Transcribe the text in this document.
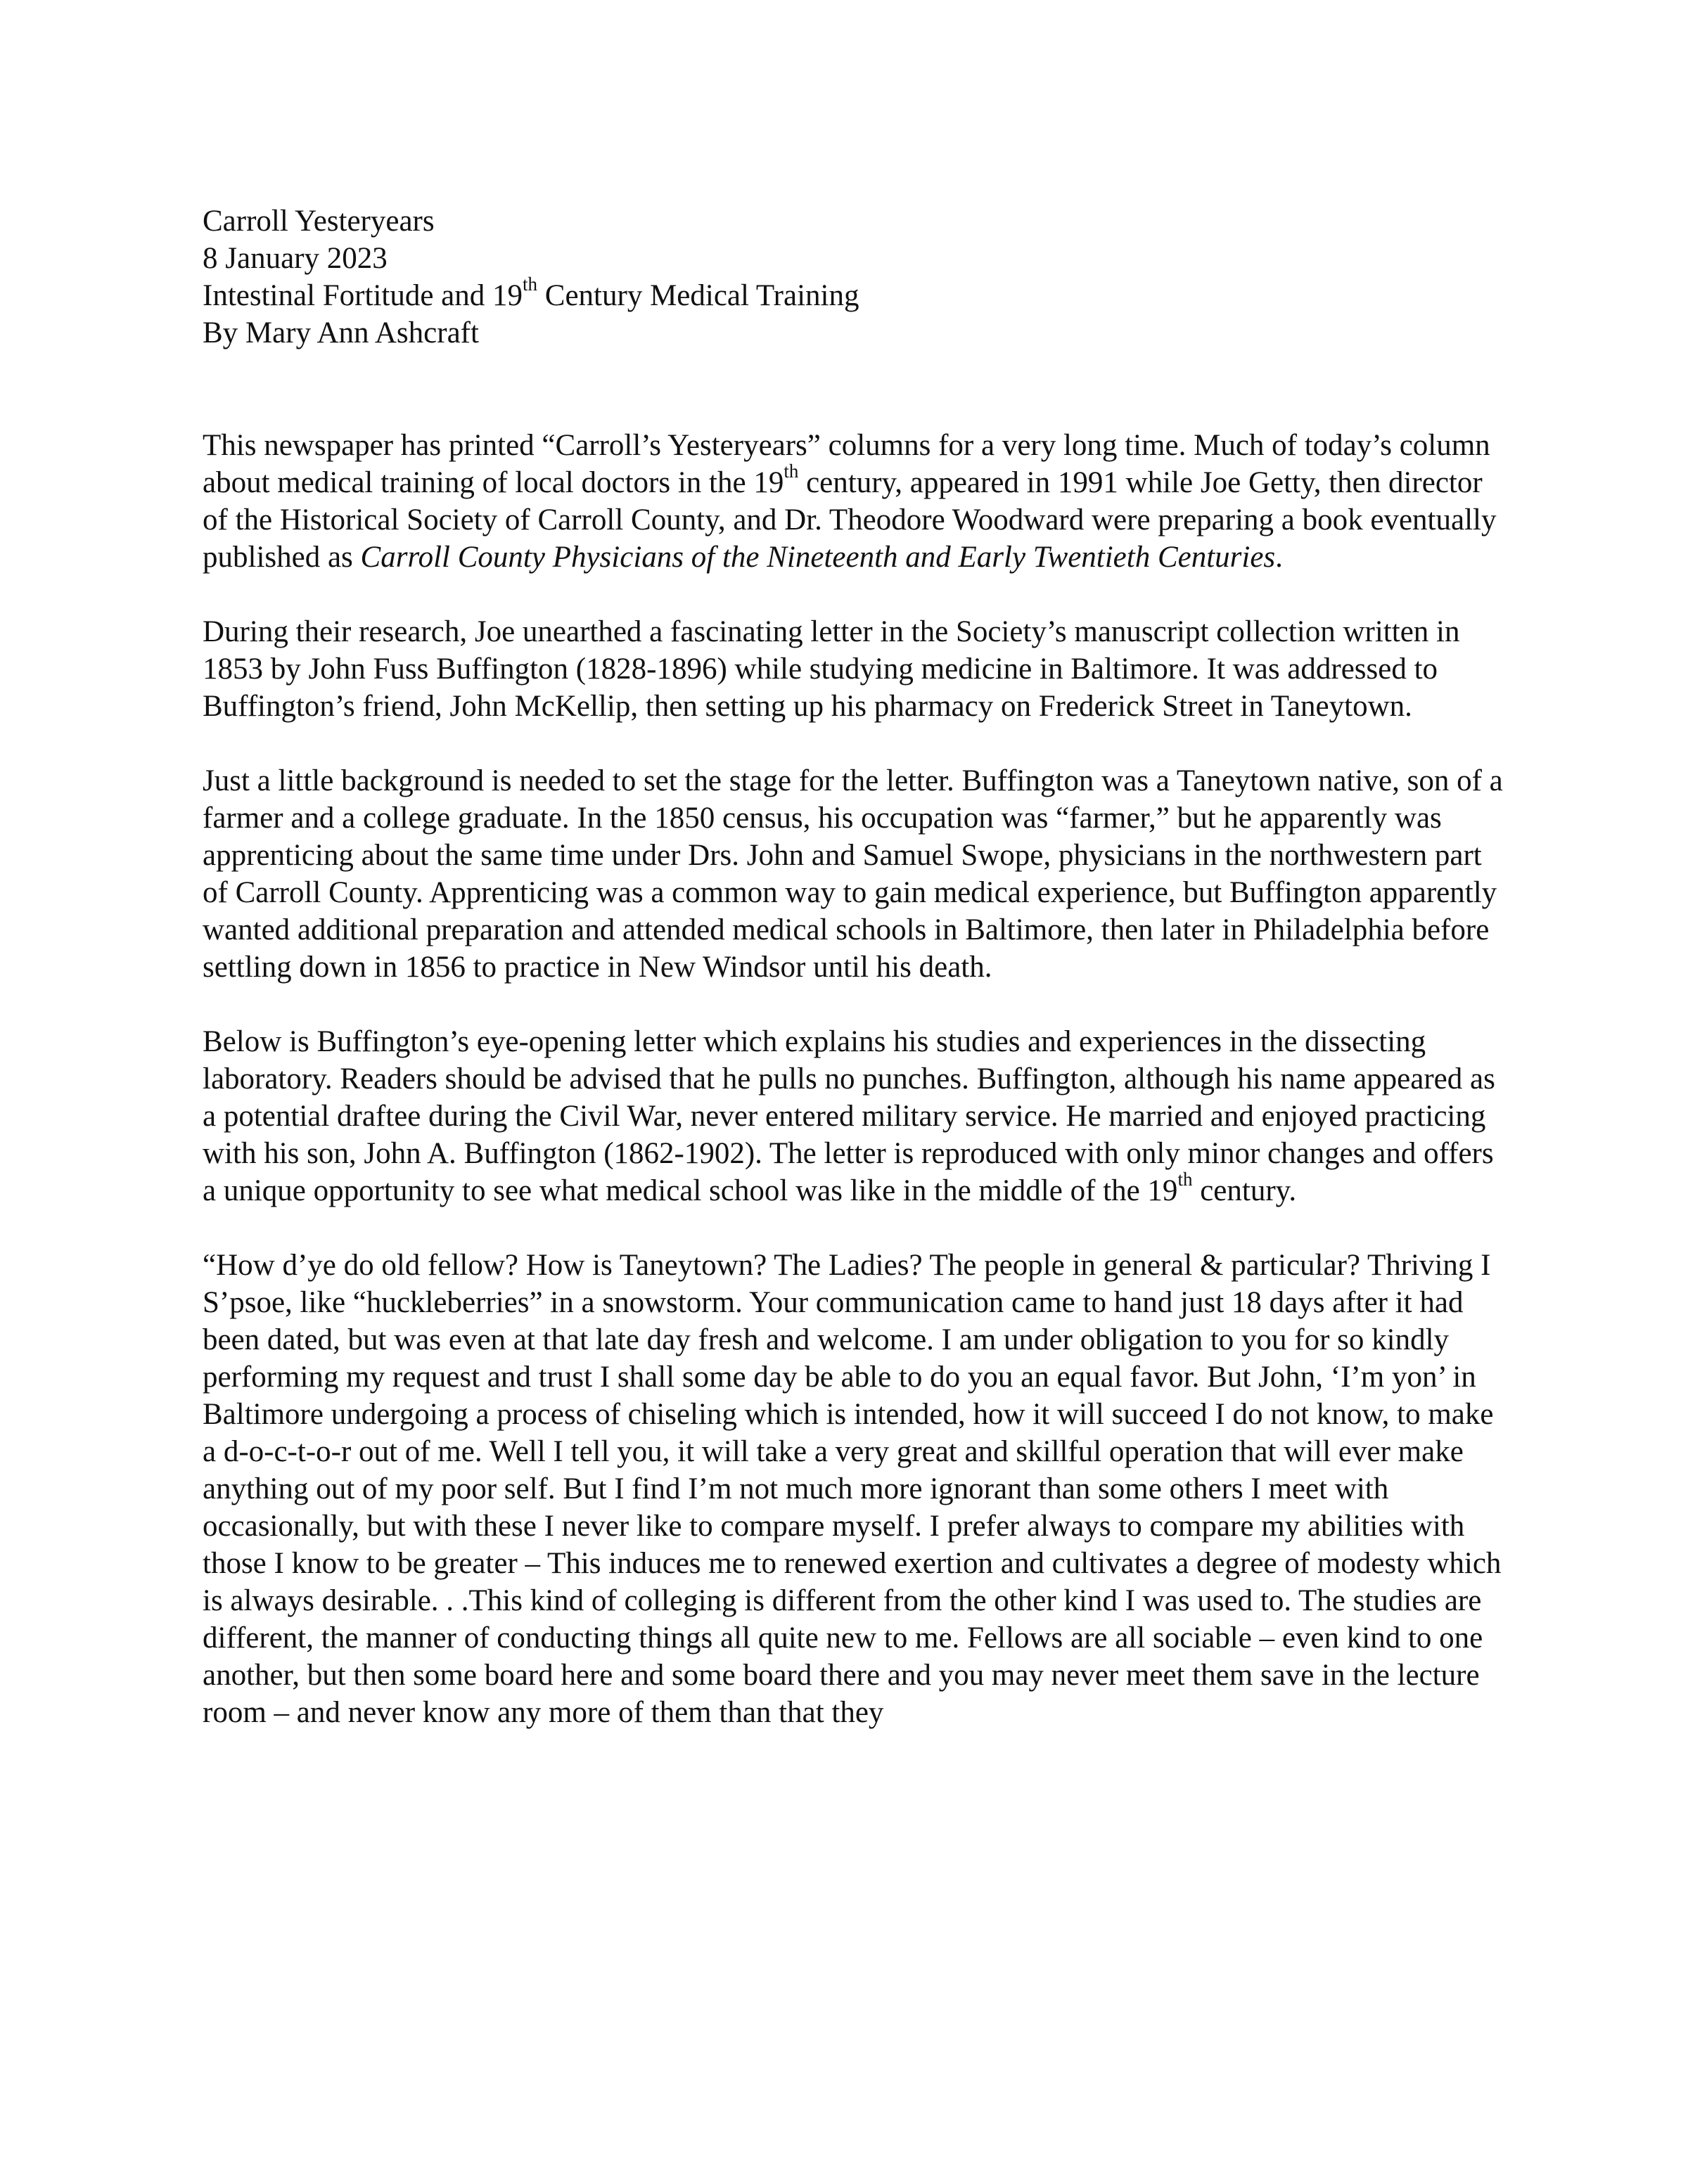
Carroll Yesteryears
8 January 2023
Intestinal Fortitude and 19th Century Medical Training
By Mary Ann Ashcraft

This newspaper has printed “Carroll’s Yesteryears” columns for a very long time. Much of today’s column about medical training of local doctors in the 19th century, appeared in 1991 while Joe Getty, then director of the Historical Society of Carroll County, and Dr. Theodore Woodward were preparing a book eventually published as Carroll County Physicians of the Nineteenth and Early Twentieth Centuries.

During their research, Joe unearthed a fascinating letter in the Society’s manuscript collection written in 1853 by John Fuss Buffington (1828-1896) while studying medicine in Baltimore. It was addressed to Buffington’s friend, John McKellip, then setting up his pharmacy on Frederick Street in Taneytown.

Just a little background is needed to set the stage for the letter. Buffington was a Taneytown native, son of a farmer and a college graduate. In the 1850 census, his occupation was “farmer,” but he apparently was apprenticing about the same time under Drs. John and Samuel Swope, physicians in the northwestern part of Carroll County. Apprenticing was a common way to gain medical experience, but Buffington apparently wanted additional preparation and attended medical schools in Baltimore, then later in Philadelphia before settling down in 1856 to practice in New Windsor until his death.

Below is Buffington’s eye-opening letter which explains his studies and experiences in the dissecting laboratory. Readers should be advised that he pulls no punches. Buffington, although his name appeared as a potential draftee during the Civil War, never entered military service. He married and enjoyed practicing with his son, John A. Buffington (1862-1902). The letter is reproduced with only minor changes and offers a unique opportunity to see what medical school was like in the middle of the 19th century.

“How d’ye do old fellow? How is Taneytown? The Ladies? The people in general & particular? Thriving I S’psoe, like “huckleberries” in a snowstorm. Your communication came to hand just 18 days after it had been dated, but was even at that late day fresh and welcome. I am under obligation to you for so kindly performing my request and trust I shall some day be able to do you an equal favor. But John, ‘I’m yon’ in Baltimore undergoing a process of chiseling which is intended, how it will succeed I do not know, to make a d-o-c-t-o-r out of me. Well I tell you, it will take a very great and skillful operation that will ever make anything out of my poor self. But I find I’m not much more ignorant than some others I meet with occasionally, but with these I never like to compare myself. I prefer always to compare my abilities with those I know to be greater – This induces me to renewed exertion and cultivates a degree of modesty which is always desirable. . .This kind of colleging is different from the other kind I was used to. The studies are different, the manner of conducting things all quite new to me. Fellows are all sociable – even kind to one another, but then some board here and some board there and you may never meet them save in the lecture room – and never know any more of them than that they
